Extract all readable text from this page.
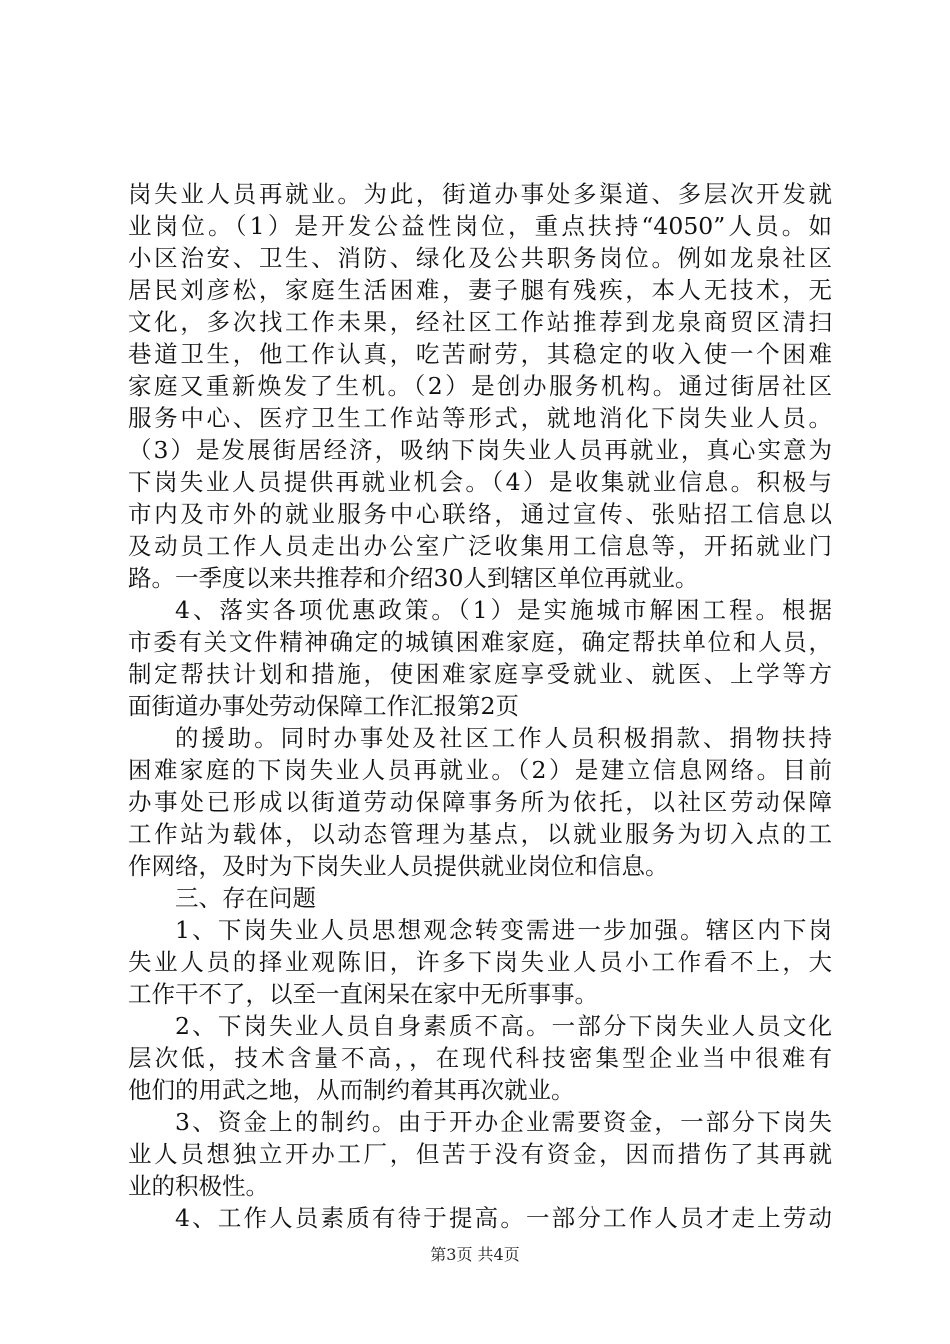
岗失业人员再就业。为此，街道办事处多渠道、多层次开发就
业岗位。（1）是开发公益性岗位，重点扶持“4050”人员。如
小区治安、卫生、消防、绿化及公共职务岗位。例如龙泉社区
居民刘彦松，家庭生活困难，妻子腿有残疾，本人无技术，无
文化，多次找工作未果，经社区工作站推荐到龙泉商贸区清扫
巷道卫生，他工作认真，吃苦耐劳，其稳定的收入使一个困难
家庭又重新焕发了生机。（2）是创办服务机构。通过街居社区
服务中心、医疗卫生工作站等形式，就地消化下岗失业人员。
（3）是发展街居经济，吸纳下岗失业人员再就业，真心实意为
下岗失业人员提供再就业机会。（4）是收集就业信息。积极与
市内及市外的就业服务中心联络，通过宣传、张贴招工信息以
及动员工作人员走出办公室广泛收集用工信息等，开拓就业门
路。一季度以来共推荐和介绍30人到辖区单位再就业。
4、落实各项优惠政策。（1）是实施城市解困工程。根据
市委有关文件精神确定的城镇困难家庭，确定帮扶单位和人员，
制定帮扶计划和措施，使困难家庭享受就业、就医、上学等方
面街道办事处劳动保障工作汇报第2页
的援助。同时办事处及社区工作人员积极捐款、捐物扶持
困难家庭的下岗失业人员再就业。（2）是建立信息网络。目前
办事处已形成以街道劳动保障事务所为依托，以社区劳动保障
工作站为载体，以动态管理为基点，以就业服务为切入点的工
作网络，及时为下岗失业人员提供就业岗位和信息。
三、存在问题
1、下岗失业人员思想观念转变需进一步加强。辖区内下岗
失业人员的择业观陈旧，许多下岗失业人员小工作看不上，大
工作干不了，以至一直闲呆在家中无所事事。
2、下岗失业人员自身素质不高。一部分下岗失业人员文化
层次低，技术含量不高，，在现代科技密集型企业当中很难有
他们的用武之地，从而制约着其再次就业。
3、资金上的制约。由于开办企业需要资金，一部分下岗失
业人员想独立开办工厂，但苦于没有资金，因而措伤了其再就
业的积极性。
4、工作人员素质有待于提高。一部分工作人员才走上劳动
第3页 共4页
